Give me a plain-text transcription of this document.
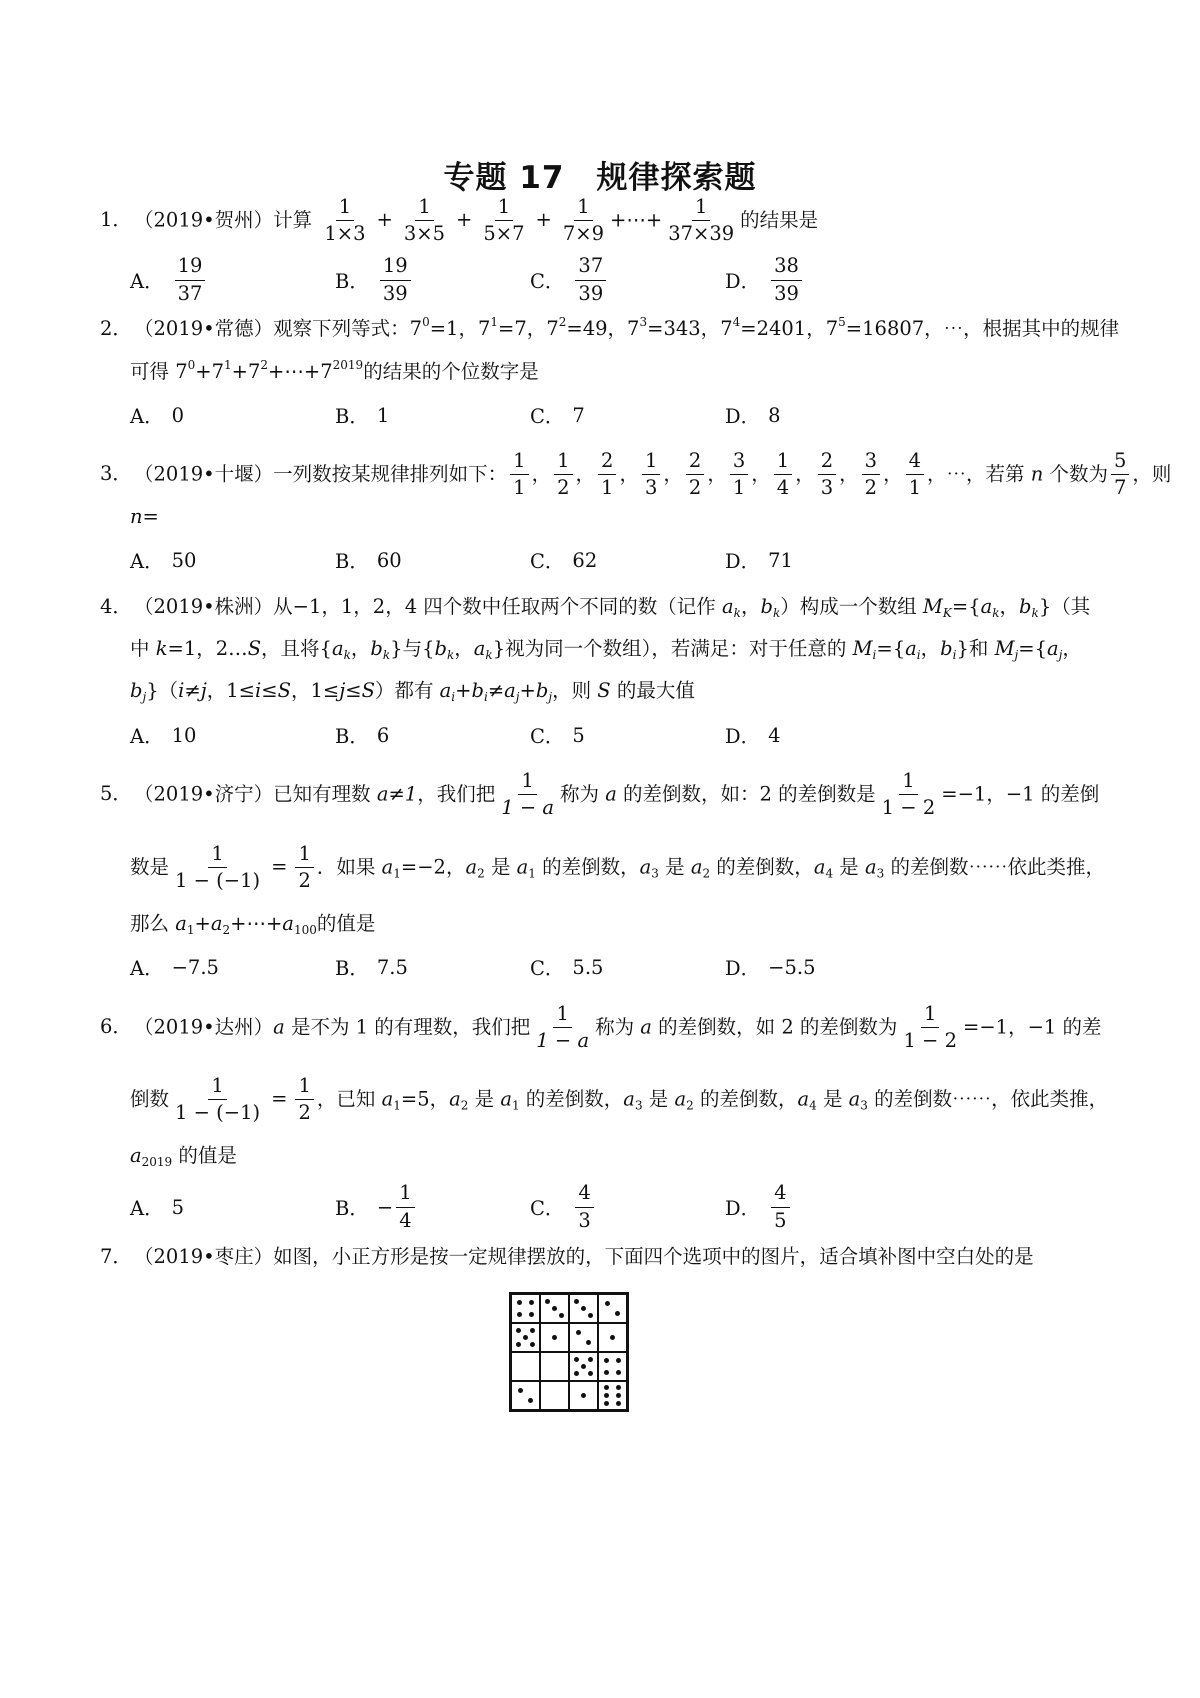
专题 17　规律探索题
1． （2019•贺州）计算 $\frac{1}{1\times 3} + \frac{1}{3\times 5} + \frac{1}{5\times 7} + \frac{1}{7\times 9}$ +⋯+ $\frac{1}{37\times 39}$ 的结果是
A． $\frac{19}{37}$	B． $\frac{19}{39}$	C． $\frac{37}{39}$	D． $\frac{38}{39}$
2． （2019•常德）观察下列等式：$7^0=1$，$7^1=7$，$7^2=49$，$7^3=343$，$7^4=2401$，$7^5=16807$，⋯，根据其中的规律
可得 $7^0+7^1+7^2+\cdots+7^{2019}$的结果的个位数字是
A． 0	B． 1	C． 7	D． 8
3． （2019•十堰）一列数按某规律排列如下： $\frac{1}{1}$ ， $\frac{1}{2}$ ， $\frac{2}{1}$ ， $\frac{1}{3}$ ， $\frac{2}{2}$ ， $\frac{3}{1}$ ， $\frac{1}{4}$ ， $\frac{2}{3}$ ， $\frac{3}{2}$ ， $\frac{4}{1}$ ，⋯，若第 n 个数为 $\frac{5}{7}$ ，则
n=
A． 50	B． 60	C． 62	D． 71
4． （2019•株洲）从−1，1，2，4 四个数中任取两个不同的数（记作 $a_k$，$b_k$）构成一个数组 $M_K=\{a_k$，$b_k$}（其
中 k=1，2…S，且将{$a_k$，$b_k$}与{$b_k$，$a_k$}视为同一个数组），若满足：对于任意的 $M_i=\{a_i$，$b_i$}和 $M_j=\{a_j$，
$b_j\}(i\ne j$，1≤i≤S，1≤j≤S）都有 $a_i+b_i\ne a_j+b_j$，则 S 的最大值
A． 10	B． 6	C． 5	D． 4
5． （2019•济宁）已知有理数 a≠1，我们把 $\frac{1}{1 - a}$ 称为 a 的差倒数，如：2 的差倒数是 $\frac{1}{1 - 2} =-1$，−1 的差倒
数是 $\frac{1}{1 - (-1)} = \frac{1}{2}$ ．如果 $a_1=-2$，$a_2$ 是 $a_1$ 的差倒数，$a_3$ 是 $a_2$ 的差倒数，$a_4$ 是 $a_3$ 的差倒数⋯⋯依此类推，
那么 $a_1+a_2+\cdots+a_{100}$的值是
A． −7.5	B． 7.5	C． 5.5	D． −5.5
6． （2019•达州）a 是不为 1 的有理数，我们把 $\frac{1}{1 - a}$ 称为 a 的差倒数，如 2 的差倒数为 $\frac{1}{1 - 2} =-1$，−1 的差
倒数 $\frac{1}{1 - (-1)} = \frac{1}{2}$ ，已知 $a_1=5$，$a_2$ 是 $a_1$ 的差倒数，$a_3$ 是 $a_2$ 的差倒数，$a_4$ 是 $a_3$ 的差倒数⋯⋯，依此类推，
$a_{2019}$ 的值是
A． 5	B． − $\frac{1}{4}$	C． $\frac{4}{3}$	D． $\frac{4}{5}$
7． （2019•枣庄）如图，小正方形是按一定规律摆放的，下面四个选项中的图片，适合填补图中空白处的是
